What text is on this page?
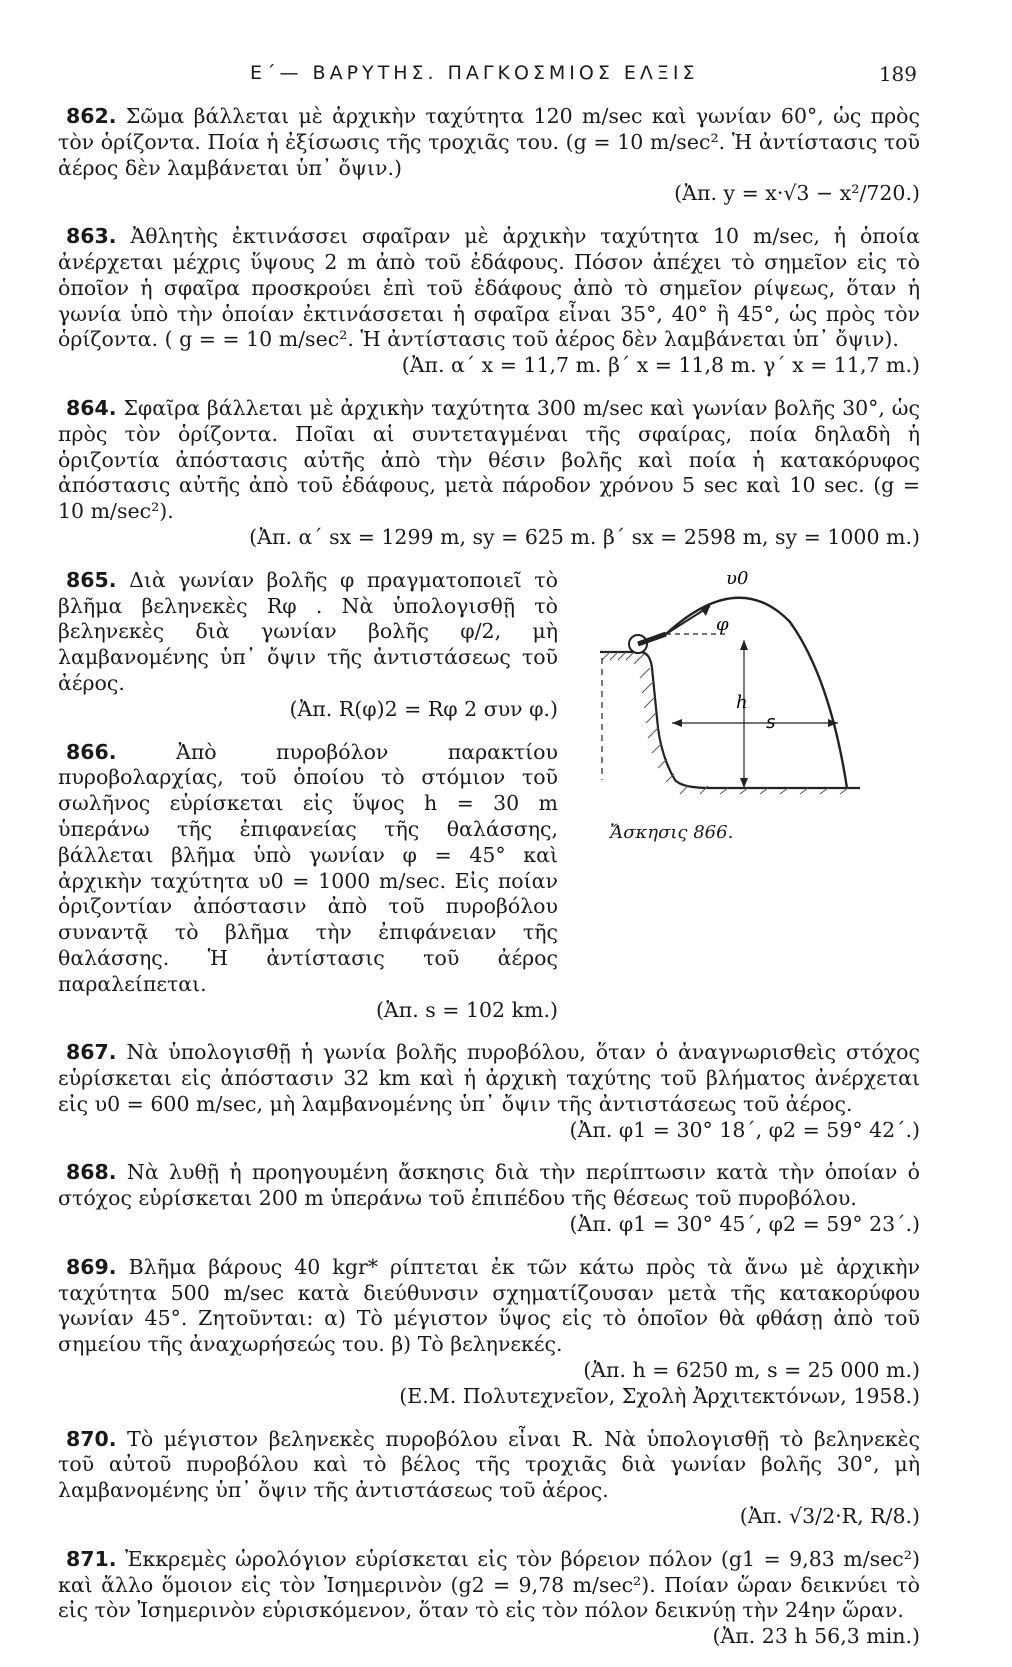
Ε΄— ΒΑΡΥΤΗΣ. ΠΑΓΚΟΣΜΙΟΣ ΕΛΞΙΣ	189
862. Σῶμα βάλλεται μὲ ἀρχικὴν ταχύτητα 120 m/sec καὶ γωνίαν 60°, ὡς πρὸς τὸν ὁρίζοντα. Ποία ἡ ἐξίσωσις τῆς τροχιᾶς του. (g = 10 m/sec². Ἡ ἀντίστασις τοῦ ἀέρος δὲν λαμβάνεται ὑπ᾿ ὄψιν.)
(Ἀπ. y = x·√3 − x²/720.)
863. Ἀθλητὴς ἐκτινάσσει σφαῖραν μὲ ἀρχικὴν ταχύτητα 10 m/sec, ἡ ὁποία ἀνέρχεται μέχρις ὕψους 2 m ἀπὸ τοῦ ἐδάφους. Πόσον ἀπέχει τὸ σημεῖον εἰς τὸ ὁποῖον ἡ σφαῖρα προσκρούει ἐπὶ τοῦ ἐδάφους ἀπὸ τὸ σημεῖον ρίψεως, ὅταν ἡ γωνία ὑπὸ τὴν ὁποίαν ἐκτινάσσεται ἡ σφαῖρα εἶναι 35°, 40° ἢ 45°, ὡς πρὸς τὸν ὁρίζοντα. ( g = = 10 m/sec². Ἡ ἀντίστασις τοῦ ἀέρος δὲν λαμβάνεται ὑπ᾿ ὄψιν).
(Ἀπ. α΄ x = 11,7 m. β΄ x = 11,8 m. γ΄ x = 11,7 m.)
864. Σφαῖρα βάλλεται μὲ ἀρχικὴν ταχύτητα 300 m/sec καὶ γωνίαν βολῆς 30°, ὡς πρὸς τὸν ὁρίζοντα. Ποῖαι αἱ συντεταγμέναι τῆς σφαίρας, ποία δηλαδὴ ἡ ὁριζοντία ἀπόστασις αὐτῆς ἀπὸ τὴν θέσιν βολῆς καὶ ποία ἡ κατακόρυφος ἀπόστασις αὐτῆς ἀπὸ τοῦ ἐδάφους, μετὰ πάροδον χρόνου 5 sec καὶ 10 sec. (g = 10 m/sec²).
(Ἀπ. α΄ sx = 1299 m, sy = 625 m. β΄ sx = 2598 m, sy = 1000 m.)
865. Διὰ γωνίαν βολῆς φ πραγματοποιεῖ τὸ βλῆμα βεληνεκὲς Rφ . Νὰ ὑπολογισθῇ τὸ βεληνεκὲς διὰ γωνίαν βολῆς φ/2, μὴ λαμβανομένης ὑπ᾿ ὄψιν τῆς ἀντιστάσεως τοῦ ἀέρος.
(Ἀπ. R(φ)2 = Rφ 2 συν φ.)
866.	Ἀπὸ πυροβόλον παρακτίου πυροβολαρχίας, τοῦ ὁποίου τὸ στόμιον τοῦ σωλῆνος εὑρίσκεται εἰς ὕψος h = 30 m ὑπεράνω τῆς ἐπιφανείας τῆς θαλάσσης, βάλλεται βλῆμα ὑπὸ γωνίαν φ = 45° καὶ ἀρχικὴν ταχύτητα υ0 = 1000 m/sec. Εἰς ποίαν ὁριζοντίαν ἀπόστασιν ἀπὸ τοῦ πυροβόλου συναντᾷ τὸ βλῆμα τὴν ἐπιφάνειαν τῆς θαλάσσης. Ἡ ἀντίστασις τοῦ ἀέρος παραλείπεται.
(Ἀπ. s = 102 km.)
867. Νὰ ὑπολογισθῇ ἡ γωνία βολῆς πυροβόλου, ὅταν ὁ ἀναγνωρισθεὶς στόχος εὑρίσκεται εἰς ἀπόστασιν 32 km καὶ ἡ ἀρχικὴ ταχύτης τοῦ βλήματος ἀνέρχεται εἰς υ0 = 600 m/sec, μὴ λαμβανομένης ὑπ᾿ ὄψιν τῆς ἀντιστάσεως τοῦ ἀέρος.
(Ἀπ. φ1 = 30° 18΄, φ2 = 59° 42΄.)
868. Νὰ λυθῇ ἡ προηγουμένη ἄσκησις διὰ τὴν περίπτωσιν κατὰ τὴν ὁποίαν ὁ στόχος εὑρίσκεται 200 m ὑπεράνω τοῦ ἐπιπέδου τῆς θέσεως τοῦ πυροβόλου.
(Ἀπ. φ1 = 30° 45΄, φ2 = 59° 23΄.)
869. Βλῆμα βάρους 40 kgr* ρίπτεται ἐκ τῶν κάτω πρὸς τὰ ἄνω μὲ ἀρχικὴν ταχύτητα 500 m/sec κατὰ διεύθυνσιν σχηματίζουσαν μετὰ τῆς κατακορύφου γωνίαν 45°. Ζητοῦνται: α) Τὸ μέγιστον ὕψος εἰς τὸ ὁποῖον θὰ φθάσῃ ἀπὸ τοῦ σημείου τῆς ἀναχωρήσεώς του. β) Τὸ βεληνεκές.
(Ἀπ. h = 6250 m, s = 25 000 m.)
(Ε.Μ. Πολυτεχνεῖον, Σχολὴ Ἀρχιτεκτόνων, 1958.)
870. Τὸ μέγιστον βεληνεκὲς πυροβόλου εἶναι R. Νὰ ὑπολογισθῇ τὸ βεληνεκὲς τοῦ αὐτοῦ πυροβόλου καὶ τὸ βέλος τῆς τροχιᾶς διὰ γωνίαν βολῆς 30°, μὴ λαμβανομένης ὑπ᾿ ὄψιν τῆς ἀντιστάσεως τοῦ ἀέρος.
(Ἀπ. √3/2·R, R/8.)
871. Ἐκκρεμὲς ὡρολόγιον εὑρίσκεται εἰς τὸν βόρειον πόλον (g1 = 9,83 m/sec²) καὶ ἄλλο ὅμοιον εἰς τὸν Ἰσημερινὸν (g2 = 9,78 m/sec²). Ποίαν ὥραν δεικνύει τὸ εἰς τὸν Ἰσημερινὸν εὑρισκόμενον, ὅταν τὸ εἰς τὸν πόλον δεικνύῃ τὴν 24ην ὥραν.
(Ἀπ. 23 h 56,3 min.)
υ0
φ
h
s
Ἄσκησις 866.
